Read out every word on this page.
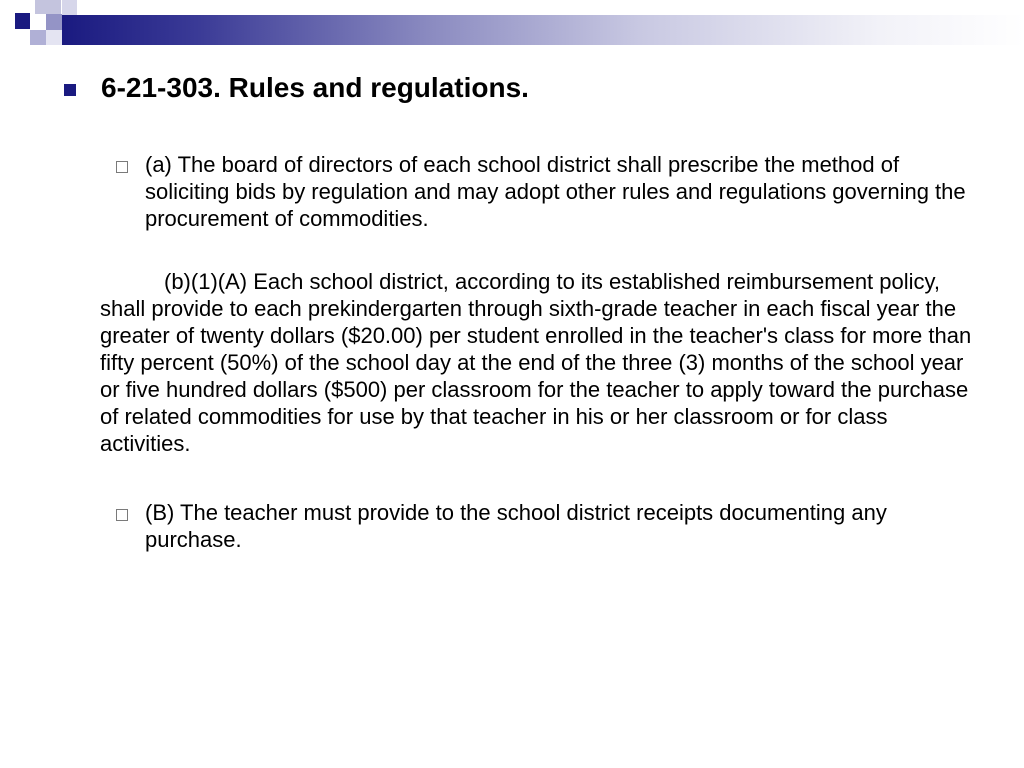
6-21-303. Rules and regulations.
(a) The board of directors of each school district shall prescribe the method of soliciting bids by regulation and may adopt other rules and regulations governing the procurement of commodities.
(b)(1)(A) Each school district, according to its established reimbursement policy, shall provide to each prekindergarten through sixth-grade teacher in each fiscal year the greater of twenty dollars ($20.00) per student enrolled in the teacher's class for more than fifty percent (50%) of the school day at the end of the three (3) months of the school year or five hundred dollars ($500) per classroom for the teacher to apply toward the purchase of related commodities for use by that teacher in his or her classroom or for class activities.
(B) The teacher must provide to the school district receipts documenting any purchase.
